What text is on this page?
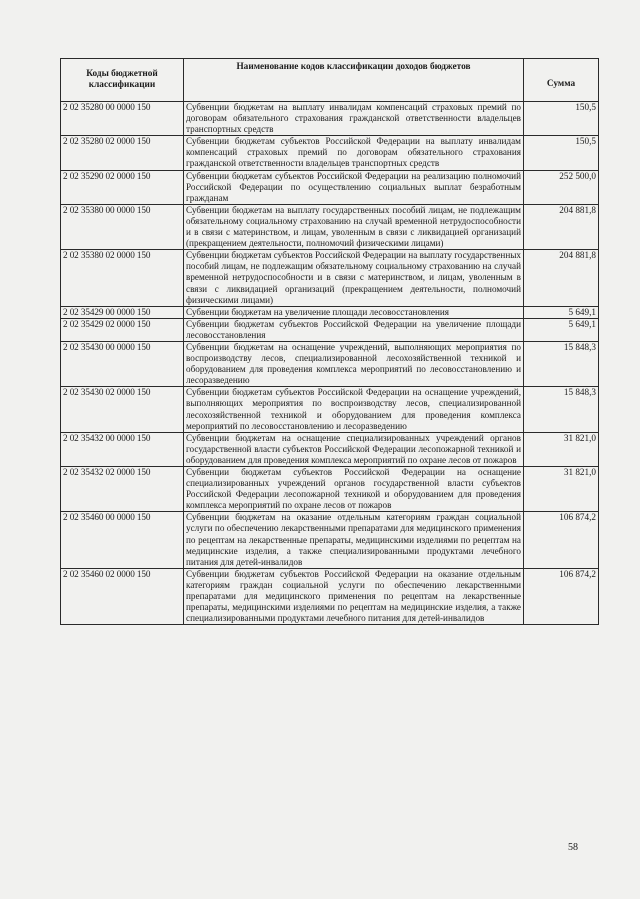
Коды бюджетной классификации	Наименование кодов классификации доходов бюджетов	Сумма
2 02 35280 00 0000 150	Субвенции бюджетам на выплату инвалидам компенсаций страховых премий по договорам обязательного страхования гражданской ответственности владельцев транспортных средств	150,5
2 02 35280 02 0000 150	Субвенции бюджетам субъектов Российской Федерации на выплату инвалидам компенсаций страховых премий по договорам обязательного страхования гражданской ответственности владельцев транспортных средств	150,5
2 02 35290 02 0000 150	Субвенции бюджетам субъектов Российской Федерации на реализацию полномочий Российской Федерации по осуществлению социальных выплат безработным гражданам	252 500,0
2 02 35380 00 0000 150	Субвенции бюджетам на выплату государственных пособий лицам, не подлежащим обязательному социальному страхованию на случай временной нетрудоспособности и в связи с материнством, и лицам, уволенным в связи с ликвидацией организаций (прекращением деятельности, полномочий физическими лицами)	204 881,8
2 02 35380 02 0000 150	Субвенции бюджетам субъектов Российской Федерации на выплату государственных пособий лицам, не подлежащим обязательному социальному страхованию на случай временной нетрудоспособности и в связи с материнством, и лицам, уволенным в связи с ликвидацией организаций (прекращением деятельности, полномочий физическими лицами)	204 881,8
2 02 35429 00 0000 150	Субвенции бюджетам на увеличение площади лесовосстановления	5 649,1
2 02 35429 02 0000 150	Субвенции бюджетам субъектов Российской Федерации на увеличение площади лесовосстановления	5 649,1
2 02 35430 00 0000 150	Субвенции бюджетам на оснащение учреждений, выполняющих мероприятия по воспроизводству лесов, специализированной лесохозяйственной техникой и оборудованием для проведения комплекса мероприятий по лесовосстановлению и лесоразведению	15 848,3
2 02 35430 02 0000 150	Субвенции бюджетам субъектов Российской Федерации на оснащение учреждений, выполняющих мероприятия по воспроизводству лесов, специализированной лесохозяйственной техникой и оборудованием для проведения комплекса мероприятий по лесовосстановлению и лесоразведению	15 848,3
2 02 35432 00 0000 150	Субвенции бюджетам на оснащение специализированных учреждений органов государственной власти субъектов Российской Федерации лесопожарной техникой и оборудованием для проведения комплекса мероприятий по охране лесов от пожаров	31 821,0
2 02 35432 02 0000 150	Субвенции бюджетам субъектов Российской Федерации на оснащение специализированных учреждений органов государственной власти субъектов Российской Федерации лесопожарной техникой и оборудованием для проведения комплекса мероприятий по охране лесов от пожаров	31 821,0
2 02 35460 00 0000 150	Субвенции бюджетам на оказание отдельным категориям граждан социальной услуги по обеспечению лекарственными препаратами для медицинского применения по рецептам на лекарственные препараты, медицинскими изделиями по рецептам на медицинские изделия, а также специализированными продуктами лечебного питания для детей-инвалидов	106 874,2
2 02 35460 02 0000 150	Субвенции бюджетам субъектов Российской Федерации на оказание отдельным категориям граждан социальной услуги по обеспечению лекарственными препаратами для медицинского применения по рецептам на лекарственные препараты, медицинскими изделиями по рецептам на медицинские изделия, а также специализированными продуктами лечебного питания для детей-инвалидов	106 874,2
58
